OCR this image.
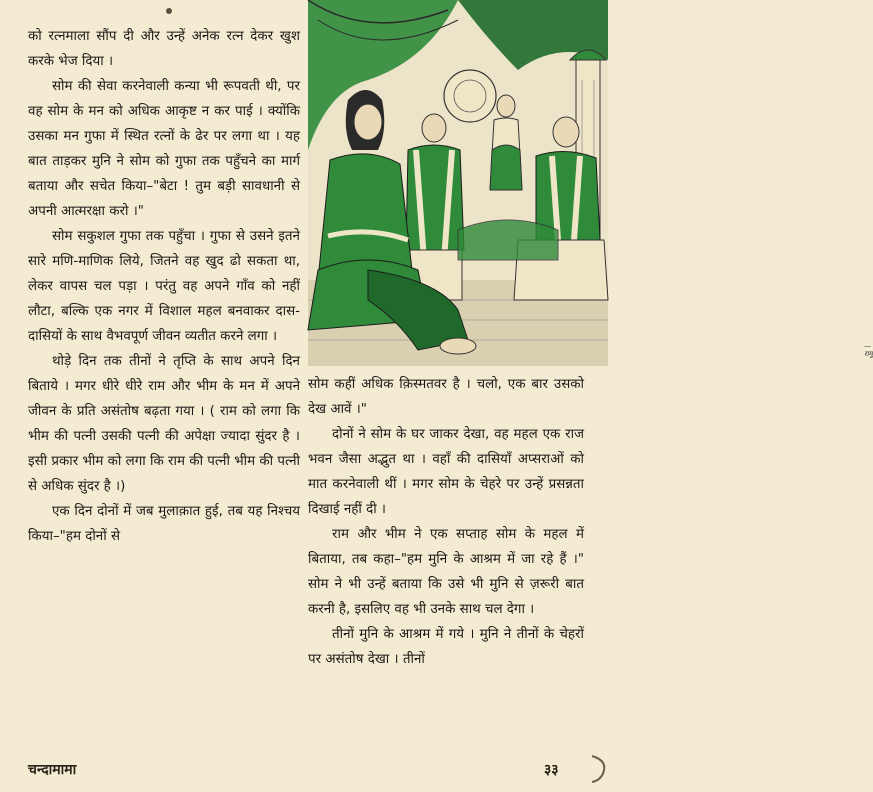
को रत्नमाला सौंप दी और उन्हें अनेक रत्न देकर खुश करके भेज दिया ।

सोम की सेवा करनेवाली कन्या भी रूपवती थी, पर वह सोम के मन को अधिक आकृष्ट न कर पाई । क्योंकि उसका मन गुफा में स्थित रत्नों के ढेर पर लगा था । यह बात ताड़कर मुनि ने सोम को गुफा तक पहुँचने का मार्ग बताया और सचेत किया–"बेटा ! तुम बड़ी सावधानी से अपनी आत्मरक्षा करो ।"

सोम सकुशल गुफा तक पहुँचा । गुफा से उसने इतने सारे मणि-माणिक लिये, जितने वह खुद ढो सकता था, लेकर वापस चल पड़ा । परंतु वह अपने गाँव को नहीं लौटा, बल्कि एक नगर में विशाल महल बनवाकर दास-दासियों के साथ वैभवपूर्ण जीवन व्यतीत करने लगा ।

थोड़े दिन तक तीनों ने तृप्ति के साथ अपने दिन बिताये । मगर धीरे धीरे राम और भीम के मन में अपने जीवन के प्रति असंतोष बढ़ता गया । ( राम को लगा कि भीम की पत्नी उसकी पत्नी की अपेक्षा ज्यादा सुंदर है । इसी प्रकार भीम को लगा कि राम की पत्नी भीम की पत्नी से अधिक सुंदर है ।)

एक दिन दोनों में जब मुलाक़ात हुई, तब यह निश्चय किया–"हम दोनों से

—रामु

सोम कहीं अधिक क़िस्मतवर है । चलो, एक बार उसको देख आवें ।"

दोनों ने सोम के घर जाकर देखा, वह महल एक राज भवन जैसा अद्भुत था । वहाँ की दासियाँ अप्सराओं को मात करनेवाली थीं । मगर सोम के चेहरे पर उन्हें प्रसन्नता दिखाई नहीं दी ।

राम और भीम ने एक सप्ताह सोम के महल में बिताया, तब कहा–"हम मुनि के आश्रम में जा रहे हैं ।" सोम ने भी उन्हें बताया कि उसे भी मुनि से ज़रूरी बात करनी है, इसलिए वह भी उनके साथ चल देगा ।

तीनों मुनि के आश्रम में गये । मुनि ने तीनों के चेहरों पर असंतोष देखा । तीनों

चन्दामामा	३३
